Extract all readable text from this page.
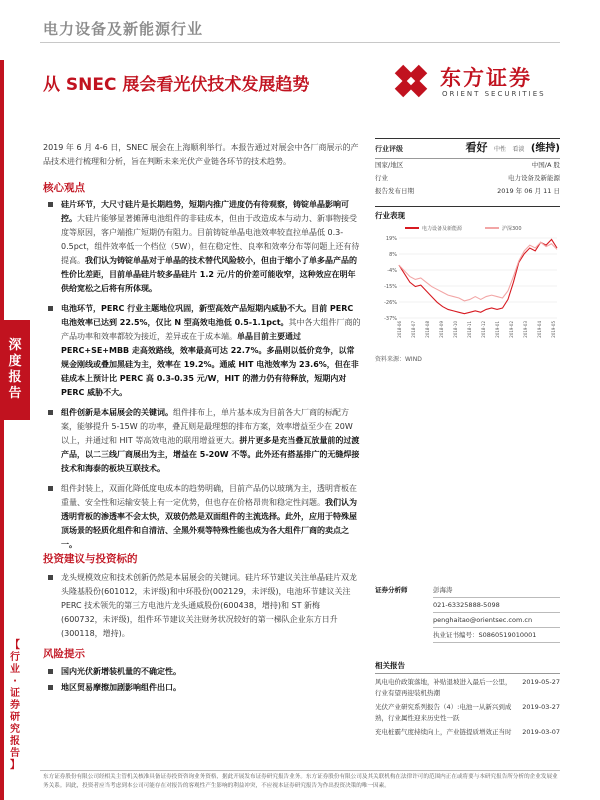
电力设备及新能源行业
深
度
报
告
【
行
业
·
证
券
研
究
报
告
】
从 SNEC 展会看光伏技术发展趋势	东方证券
ORIENT SECURITIES

2019 年 6 月 4-6 日，SNEC 展会在上海顺利举行。本报告通过对展会中各厂商展示的产品技术进行梳理和分析，旨在判断未来光伏产业链各环节的技术趋势。

核心观点
硅片环节，大尺寸硅片是长期趋势，短期内推广进度仍有待观察，铸锭单晶影响可控。大硅片能够显著摊薄电池组件的非硅成本，但由于改造成本与动力、新事物接受度等原因，客户端推广短期仍有阻力。目前铸锭单晶电池效率较直拉单晶低 0.3-0.5pct，组件效率低一个档位（5W），但在稳定性、良率和效率分布等问题上还有待提高。我们认为铸锭单晶对于单晶的技术替代风险较小，但由于缩小了单多晶产品的性价比差距，目前单晶硅片较多晶硅片 1.2 元/片的价差可能收窄，这种效应在明年供给宽松之后将有所体现。
电池环节，PERC 行业主题地位巩固，新型高效产品短期内威胁不大。目前 PERC 电池效率已达到 22.5%，仅比 N 型高效电池低 0.5-1.1pct。其中各大组件厂商的产品功率和效率都较为接近，差异或在于成本端。单晶目前主要通过 PERC+SE+MBB 走高效路线，效率最高可达 22.7%。多晶则以低价竞争，以常规金刚线或叠加黑硅为主，效率在 19.2%。通威 HIT 电池效率为 23.6%，但在非硅成本上预计比 PERC 高 0.3-0.35 元/W，HIT 的潜力仍有待释放，短期内对 PERC 威胁不大。
组件创新是本届展会的关键词。组件排布上，单片基本成为目前各大厂商的标配方案，能够提升 5-15W 的功率，叠瓦则是最理想的排布方案，效率增益至少在 20W 以上，并通过和 HIT 等高效电池的联用增益更大。拼片更多是充当叠瓦放量前的过渡产品，以二三线厂商展出为主，增益在 5-20W 不等。此外还有搭基排广的无缝焊接技术和海泰的板块互联技术。
组件封装上，双面化降低度电成本的趋势明确，目前产品仍以玻璃为主，透明背板在重量、安全性和运输安装上有一定优势，但也存在价格昂贵和稳定性问题。我们认为透明背板的渗透率不会太快，双玻仍然是双面组件的主流选择。此外，应用于特殊屋顶场景的轻质化组件和自清洁、全黑外观等特殊性能也成为各大组件厂商的卖点之一。
投资建议与投资标的
龙头规模效应和技术创新仍然是本届展会的关键词。硅片环节建议关注单晶硅片双龙头隆基股份(601012，未评级)和中环股份(002129，未评级)，电池环节建议关注 PERC 技术领先的第三方电池片龙头通威股份(600438，增持)和 ST 新梅(600732，未评级)，组件环节建议关注财务状况较好的第一梯队企业东方日升(300118，增持)。
风险提示
国内光伏新增装机量的不确定性。
地区贸易摩擦加剧影响组件出口。
行业评级	看好 中性 看淡 (维持)
国家/地区	中国/A 股
行业	电力设备及新能源
报告发布日期	2019 年 06 月 11 日
行业表现
电力设备及新能源	沪深300
19%
8%
-4%
-15%
-26%
-37%
2018-06 2018-07 2018-08 2018-09 2018-10 2018-11 2018-12 2019-01 2019-02 2019-03 2019-04 2019-05
资料来源：WIND
证券分析师	彭海涛
021-63325888-5098
penghaitao@orientsec.com.cn
执业证书编号：S0860519010001
相关报告
风电电价政策落地，补贴退坡进入最后一公里，行业有望再迎装机热潮
2019-05-27
光伏产业研究系列报告（4）:电池一从新兴到成熟，行业属性迎来历史性一跃
2019-03-27
充电桩霸气度持续向上，产业链提质增效正当时	2019-03-07

东方证券股份有限公司经相关主管机关核准具备证券投资咨询业务资格，据此开展发布证券研究报告业务。东方证券股份有限公司及其关联机构在法律许可的范围内正在或将要与本研究报告所分析的企业发展业务关系。因此，投资者应当考虑到本公司可能存在对报告的客观性产生影响的利益冲突，不应视本证券研究报告为作出投资决策的唯一因素。
